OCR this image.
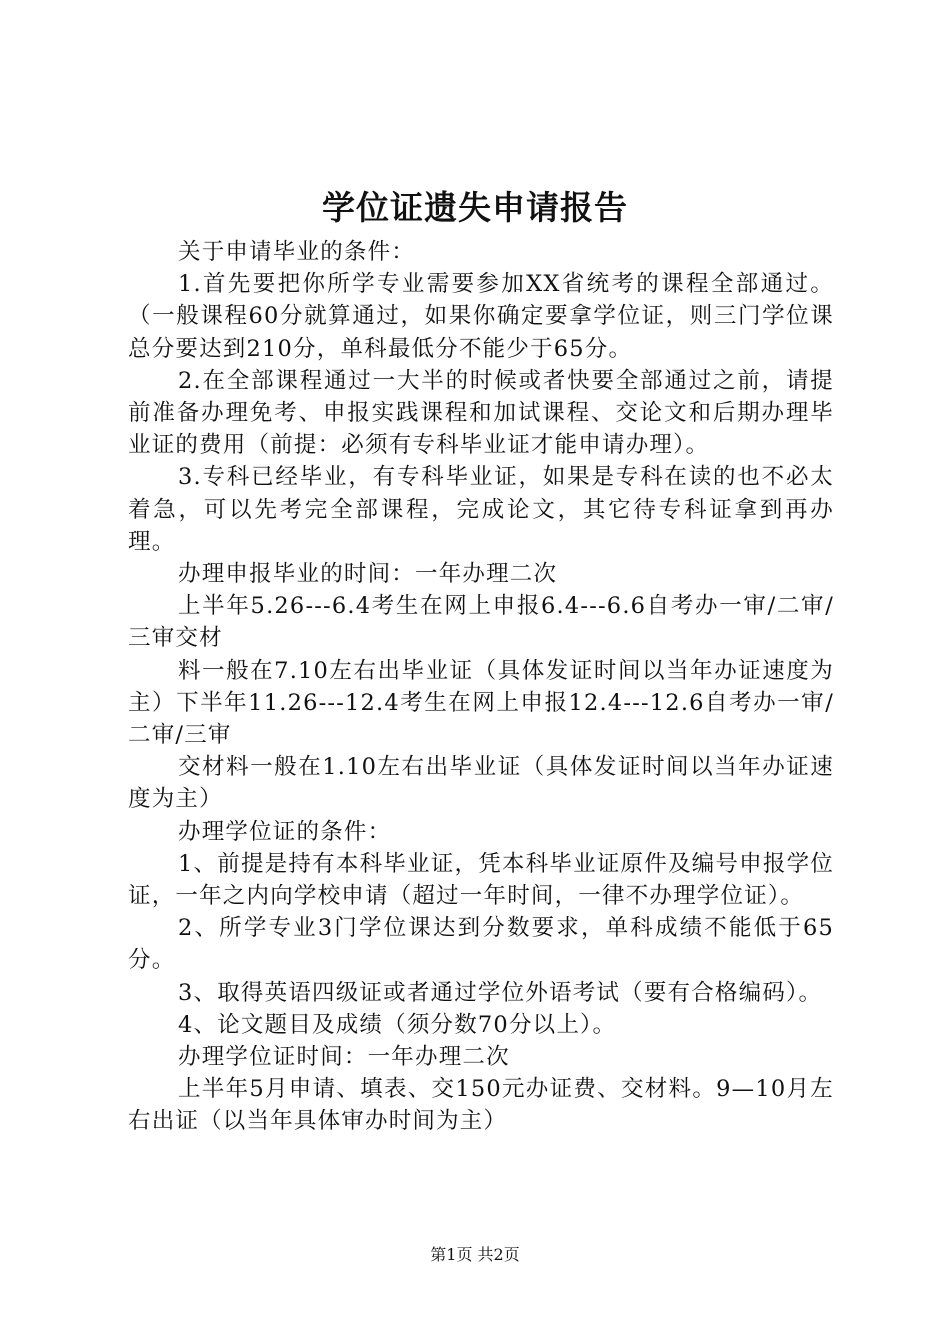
学位证遗失申请报告

关于申请毕业的条件：

1.首先要把你所学专业需要参加XX省统考的课程全部通过。（一般课程60分就算通过，如果你确定要拿学位证，则三门学位课总分要达到210分，单科最低分不能少于65分。

2.在全部课程通过一大半的时候或者快要全部通过之前，请提前准备办理免考、申报实践课程和加试课程、交论文和后期办理毕业证的费用（前提：必须有专科毕业证才能申请办理）。

3.专科已经毕业，有专科毕业证，如果是专科在读的也不必太着急，可以先考完全部课程，完成论文，其它待专科证拿到再办理。

办理申报毕业的时间：一年办理二次

上半年5.26---6.4考生在网上申报6.4---6.6自考办一审/二审/三审交材

料一般在7.10左右出毕业证（具体发证时间以当年办证速度为主）下半年11.26---12.4考生在网上申报12.4---12.6自考办一审/二审/三审

交材料一般在1.10左右出毕业证（具体发证时间以当年办证速度为主）

办理学位证的条件：

1、前提是持有本科毕业证，凭本科毕业证原件及编号申报学位证，一年之内向学校申请（超过一年时间，一律不办理学位证）。

2、所学专业3门学位课达到分数要求，单科成绩不能低于65分。

3、取得英语四级证或者通过学位外语考试（要有合格编码）。

4、论文题目及成绩（须分数70分以上）。

办理学位证时间：一年办理二次

上半年5月申请、填表、交150元办证费、交材料。9—10月左右出证（以当年具体审办时间为主）

第1页 共2页
